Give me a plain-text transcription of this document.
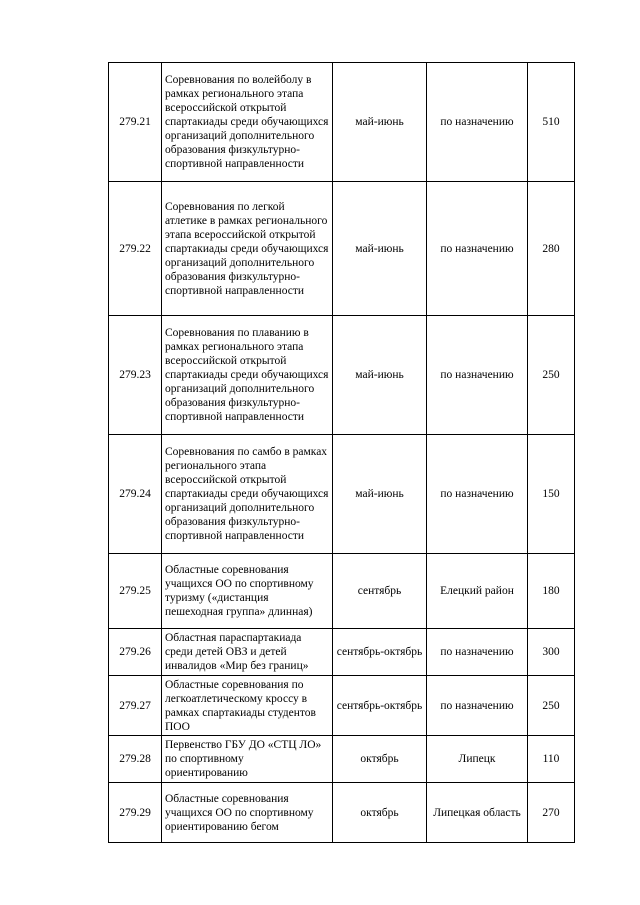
279.21	Соревнования по волейболу в рамках регионального этапа всероссийской открытой спартакиады среди обучающихся организаций дополнительного образования физкультурно-спортивной направленности	май-июнь	по назначению	510
279.22	Соревнования по легкой атлетике в рамках регионального этапа всероссийской открытой спартакиады среди обучающихся организаций дополнительного образования физкультурно-спортивной направленности	май-июнь	по назначению	280
279.23	Соревнования по плаванию в рамках регионального этапа всероссийской открытой спартакиады среди обучающихся организаций дополнительного образования физкультурно-спортивной направленности	май-июнь	по назначению	250
279.24	Соревнования по самбо в рамках регионального этапа всероссийской открытой спартакиады среди обучающихся организаций дополнительного образования физкультурно-спортивной направленности	май-июнь	по назначению	150
279.25	Областные соревнования учащихся ОО по спортивному туризму («дистанция пешеходная группа» длинная)	сентябрь	Елецкий район	180
279.26	Областная параспартакиада среди детей ОВЗ и детей инвалидов «Мир без границ»	сентябрь-октябрь	по назначению	300
279.27	Областные соревнования по легкоатлетическому кроссу в рамках спартакиады студентов ПОО	сентябрь-октябрь	по назначению	250
279.28	Первенство ГБУ ДО «СТЦ ЛО» по спортивному ориентированию	октябрь	Липецк	110
279.29	Областные соревнования учащихся ОО по спортивному ориентированию бегом	октябрь	Липецкая область	270
